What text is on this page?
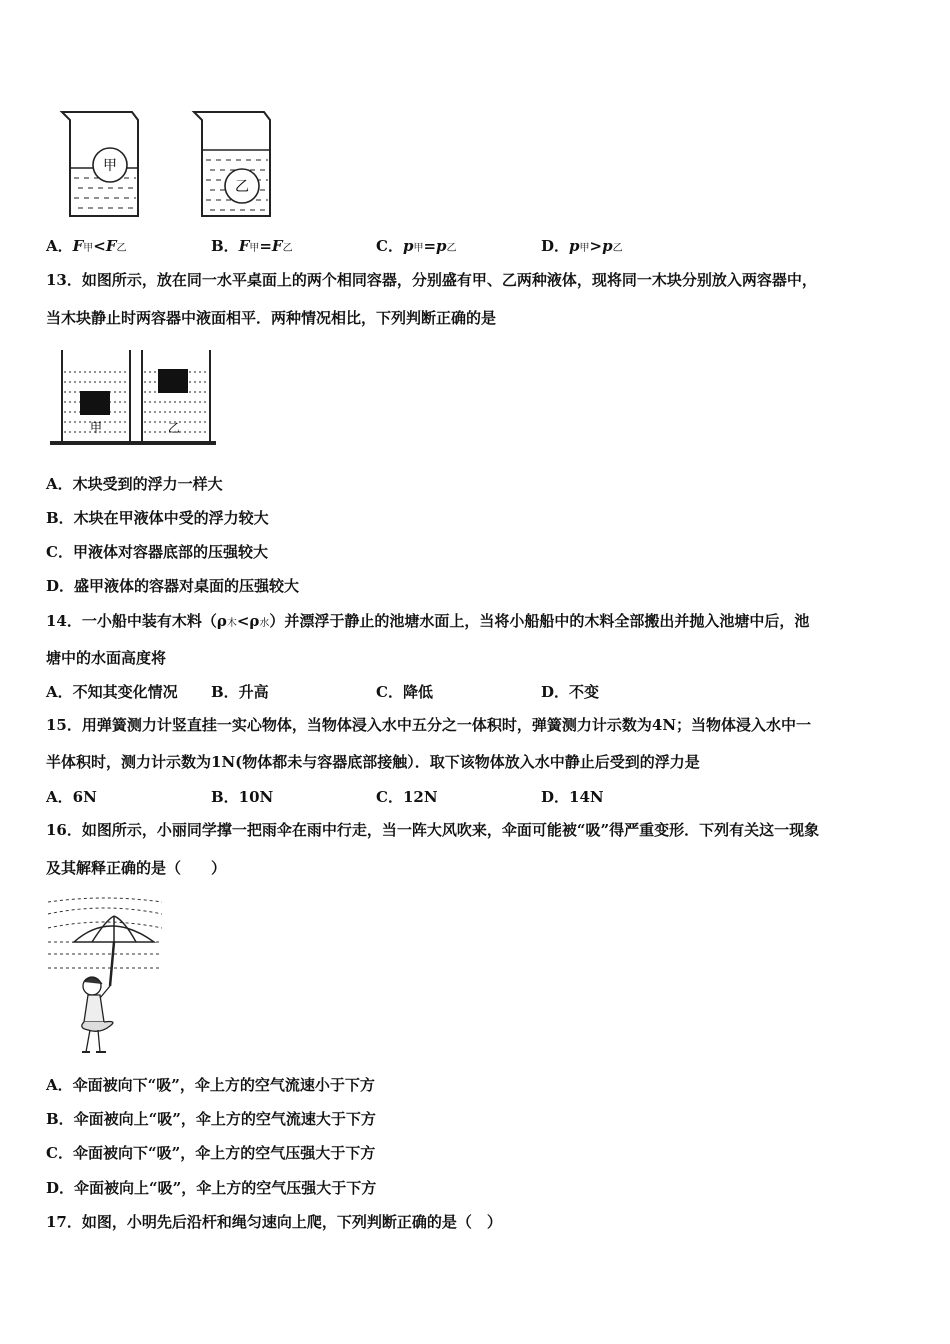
甲
乙
A．F甲<F乙	B．F甲=F乙	C．p甲=p乙	D．p甲>p乙
13．如图所示，放在同一水平桌面上的两个相同容器，分别盛有甲、乙两种液体，现将同一木块分别放入两容器中，
当木块静止时两容器中液面相平．两种情况相比，下列判断正确的是
甲	乙
A．木块受到的浮力一样大
B．木块在甲液体中受的浮力较大
C．甲液体对容器底部的压强较大
D．盛甲液体的容器对桌面的压强较大
14．一小船中装有木料（ρ木<ρ水）并漂浮于静止的池塘水面上，当将小船船中的木料全部搬出并抛入池塘中后，池
塘中的水面高度将
A．不知其变化情况 B．升高	C．降低	D．不变
15．用弹簧测力计竖直挂一实心物体，当物体浸入水中五分之一体积时，弹簧测力计示数为4N；当物体浸入水中一
半体积时，测力计示数为1N(物体都未与容器底部接触）．取下该物体放入水中静止后受到的浮力是
A．6N	B．10N	C．12N	D．14N
16．如图所示，小丽同学撑一把雨伞在雨中行走，当一阵大风吹来，伞面可能被“吸”得严重变形．下列有关这一现象
及其解释正确的是（　　）
A．伞面被向下“吸”，伞上方的空气流速小于下方
B．伞面被向上“吸”，伞上方的空气流速大于下方
C．伞面被向下“吸”，伞上方的空气压强大于下方
D．伞面被向上“吸”，伞上方的空气压强大于下方
17．如图，小明先后沿杆和绳匀速向上爬，下列判断正确的是（　）
